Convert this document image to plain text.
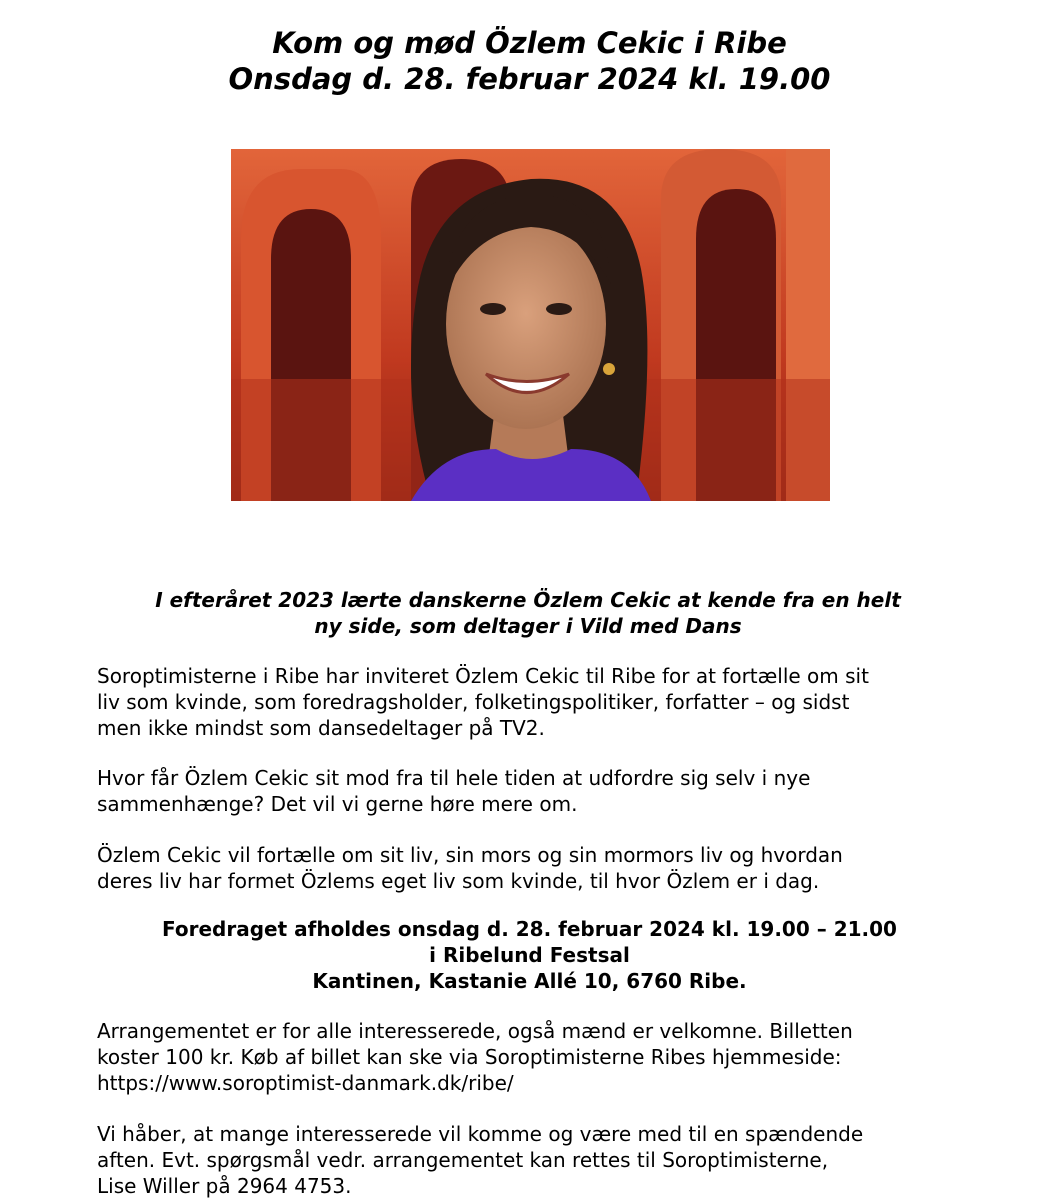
Kom og mød Özlem Cekic i Ribe
Onsdag d. 28. februar 2024 kl. 19.00

I efteråret 2023 lærte danskerne Özlem Cekic at kende fra en helt
ny side, som deltager i Vild med Dans

Soroptimisterne i Ribe har inviteret Özlem Cekic til Ribe for at fortælle om sit
liv som kvinde, som foredragsholder, folketingspolitiker, forfatter – og sidst
men ikke mindst som dansedeltager på TV2.

Hvor får Özlem Cekic sit mod fra til hele tiden at udfordre sig selv i nye
sammenhænge? Det vil vi gerne høre mere om.

Özlem Cekic vil fortælle om sit liv, sin mors og sin mormors liv og hvordan
deres liv har formet Özlems eget liv som kvinde, til hvor Özlem er i dag.

Foredraget afholdes onsdag d. 28. februar 2024 kl. 19.00 – 21.00
i Ribelund Festsal
Kantinen, Kastanie Allé 10, 6760 Ribe.

Arrangementet er for alle interesserede, også mænd er velkomne. Billetten
koster 100 kr. Køb af billet kan ske via Soroptimisterne Ribes hjemmeside:
https://www.soroptimist-danmark.dk/ribe/

Vi håber, at mange interesserede vil komme og være med til en spændende
aften. Evt. spørgsmål vedr. arrangementet kan rettes til Soroptimisterne,
Lise Willer på 2964 4753.
